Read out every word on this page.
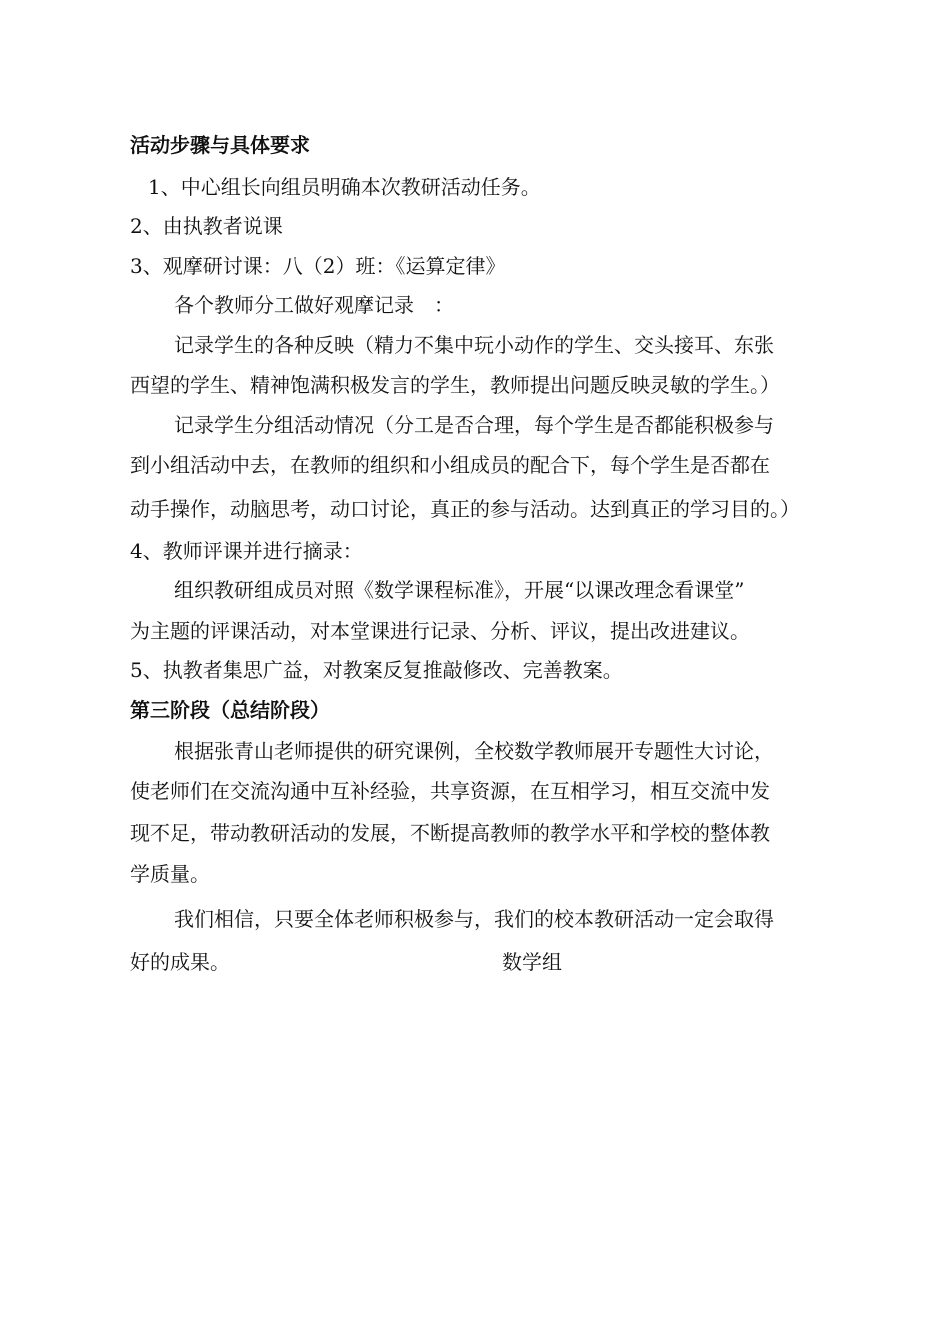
活动步骤与具体要求

1、中心组长向组员明确本次教研活动任务。

2、由执教者说课

3、观摩研讨课：八（2）班：《运算定律》

各个教师分工做好观摩记录　：

记录学生的各种反映（精力不集中玩小动作的学生、交头接耳、东张

西望的学生、精神饱满积极发言的学生，教师提出问题反映灵敏的学生。）

记录学生分组活动情况（分工是否合理，每个学生是否都能积极参与

到小组活动中去，在教师的组织和小组成员的配合下，每个学生是否都在

动手操作，动脑思考，动口讨论，真正的参与活动。达到真正的学习目的。）

4、教师评课并进行摘录：

组织教研组成员对照《数学课程标准》，开展“以课改理念看课堂”

为主题的评课活动，对本堂课进行记录、分析、评议，提出改进建议。

5、执教者集思广益，对教案反复推敲修改、完善教案。

第三阶段（总结阶段）

根据张青山老师提供的研究课例，全校数学教师展开专题性大讨论，

使老师们在交流沟通中互补经验，共享资源，在互相学习，相互交流中发

现不足，带动教研活动的发展，不断提高教师的教学水平和学校的整体教

学质量。

我们相信，只要全体老师积极参与，我们的校本教研活动一定会取得

好的成果。	数学组
